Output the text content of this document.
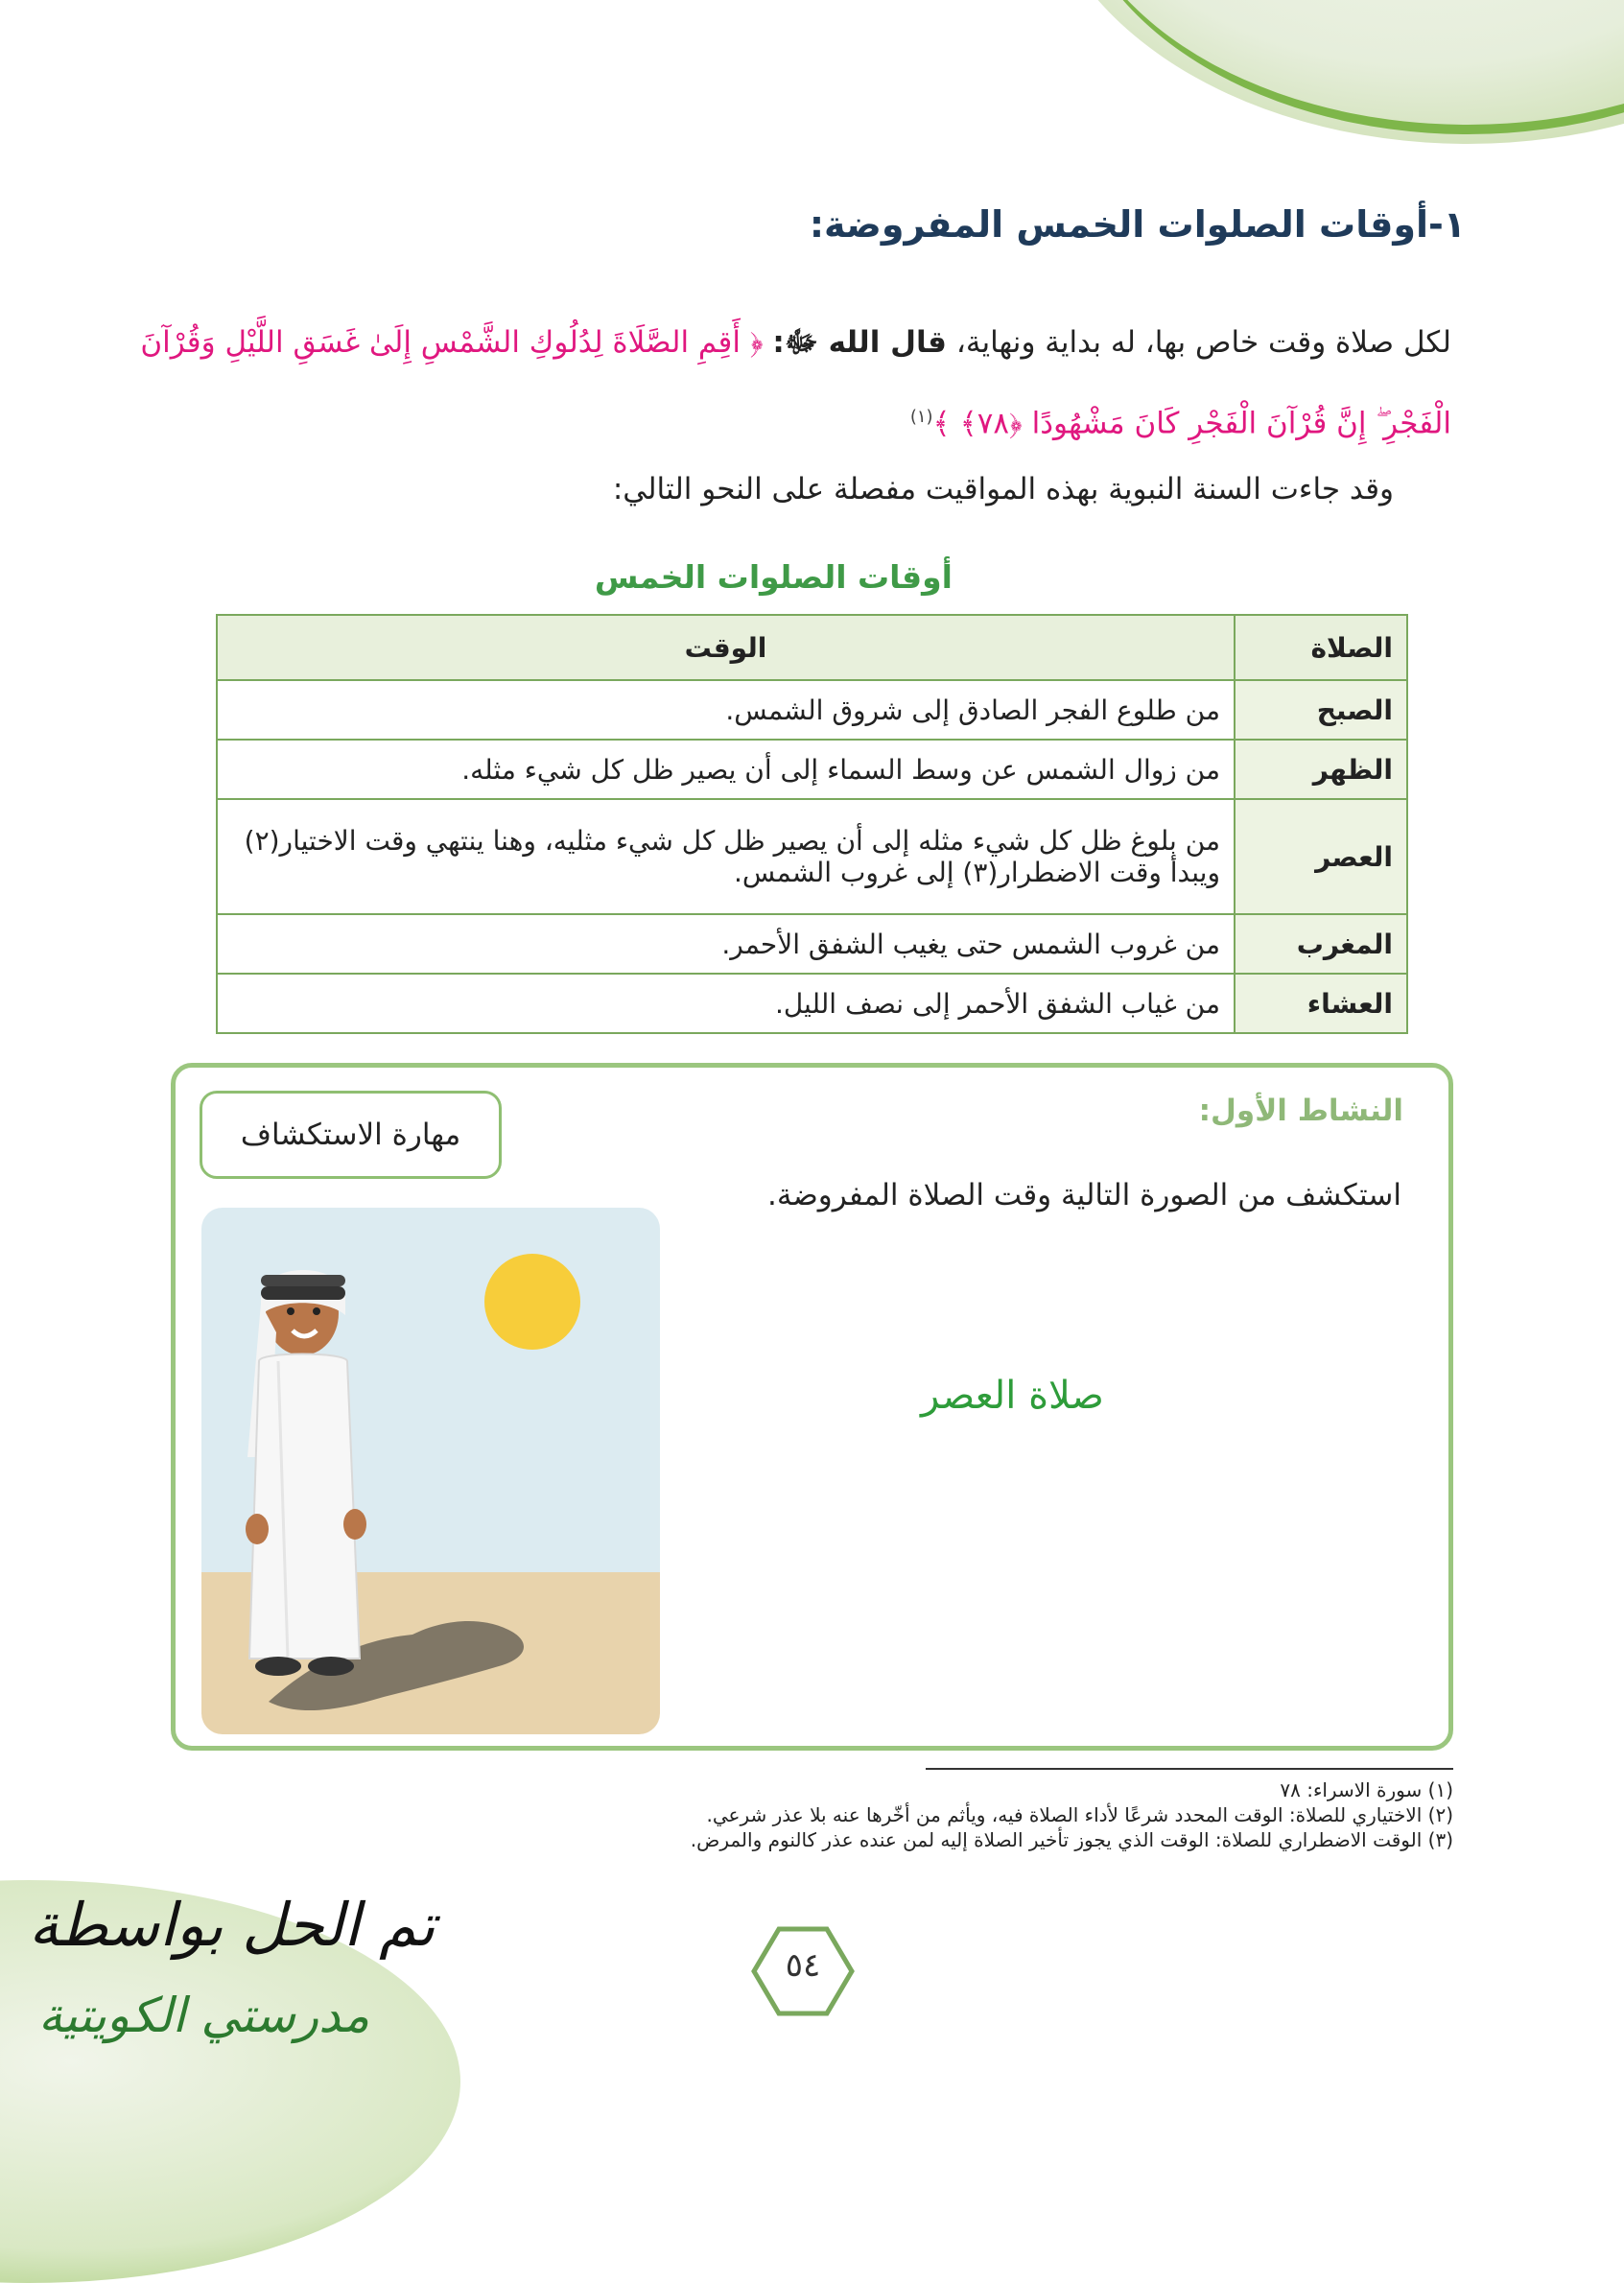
١-أوقات الصلوات الخمس المفروضة:
لكل صلاة وقت خاص بها، له بداية ونهاية، قال الله ﷻ: ﴿ أَقِمِ الصَّلَاةَ لِدُلُوكِ الشَّمْسِ إِلَىٰ غَسَقِ اللَّيْلِ وَقُرْآنَ الْفَجْرِ ۖ إِنَّ قُرْآنَ الْفَجْرِ كَانَ مَشْهُودًا ﴿٧٨﴾ ﴾$^{(١)}$
وقد جاءت السنة النبوية بهذه المواقيت مفصلة على النحو التالي:
أوقات الصلوات الخمس
الصلاة	الوقت
الصبح	من طلوع الفجر الصادق إلى شروق الشمس.
الظهر	من زوال الشمس عن وسط السماء إلى أن يصير ظل كل شيء مثله.
العصر	من بلوغ ظل كل شيء مثله إلى أن يصير ظل كل شيء مثليه، وهنا ينتهي وقت الاختيار(٢) ويبدأ وقت الاضطرار(٣) إلى غروب الشمس.
المغرب	من غروب الشمس حتى يغيب الشفق الأحمر.
العشاء	من غياب الشفق الأحمر إلى نصف الليل.
النشاط الأول:
مهارة الاستكشاف
استكشف من الصورة التالية وقت الصلاة المفروضة.
صلاة العصر
(١) سورة الاسراء: ٧٨
(٢) الاختياري للصلاة: الوقت المحدد شرعًا لأداء الصلاة فيه، ويأثم من أخّرها عنه بلا عذر شرعي.
(٣) الوقت الاضطراري للصلاة: الوقت الذي يجوز تأخير الصلاة إليه لمن عنده عذر كالنوم والمرض.
٥٤
تم الحل بواسطة
مدرستي الكويتية
